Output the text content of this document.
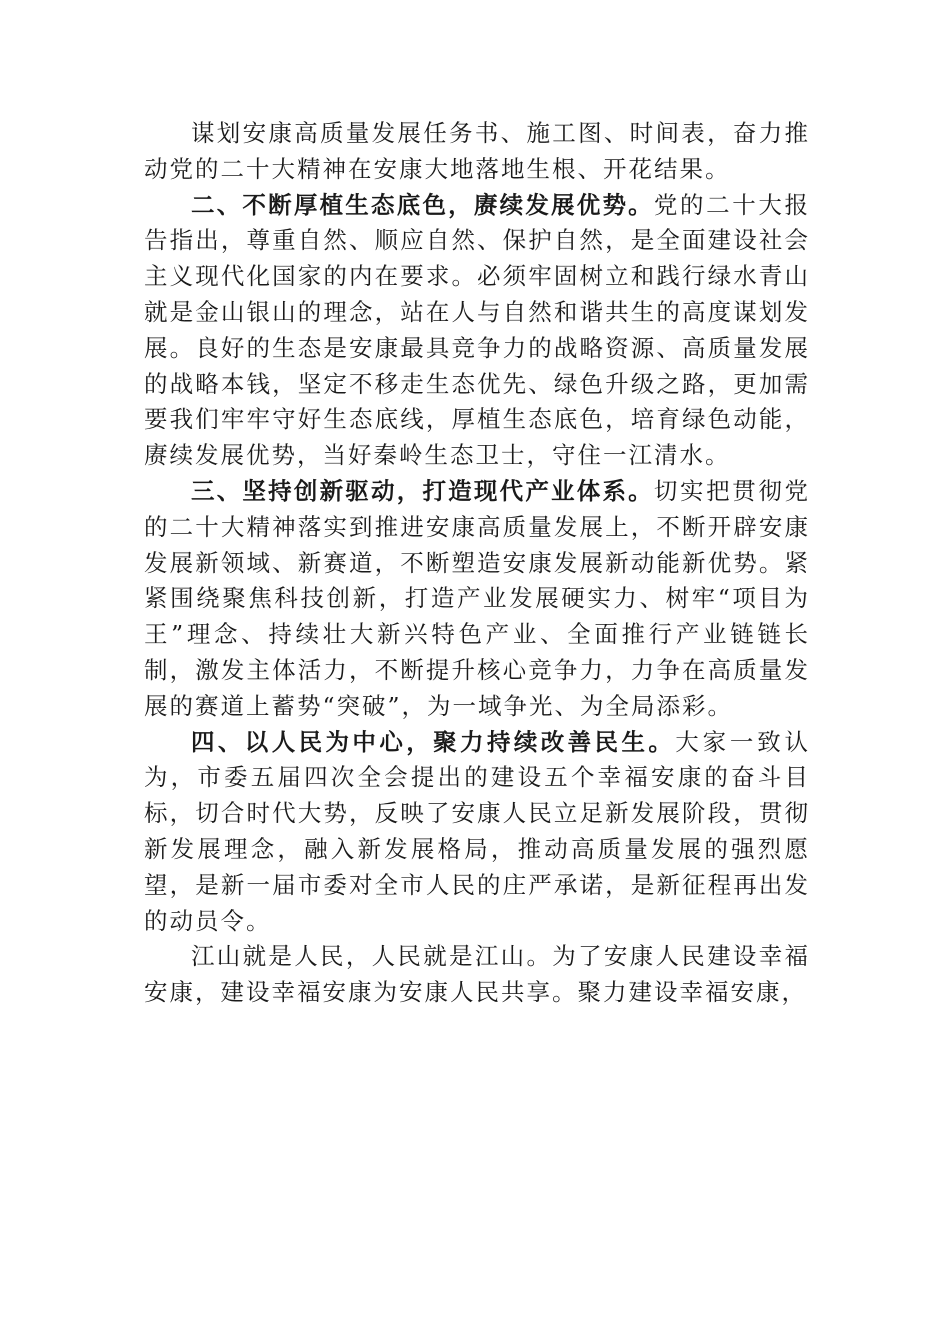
谋划安康高质量发展任务书、施工图、时间表，奋力推动党的二十大精神在安康大地落地生根、开花结果。

二、不断厚植生态底色，赓续发展优势。党的二十大报告指出，尊重自然、顺应自然、保护自然，是全面建设社会主义现代化国家的内在要求。必须牢固树立和践行绿水青山就是金山银山的理念，站在人与自然和谐共生的高度谋划发展。良好的生态是安康最具竞争力的战略资源、高质量发展的战略本钱，坚定不移走生态优先、绿色升级之路，更加需要我们牢牢守好生态底线，厚植生态底色，培育绿色动能，赓续发展优势，当好秦岭生态卫士，守住一江清水。

三、坚持创新驱动，打造现代产业体系。切实把贯彻党的二十大精神落实到推进安康高质量发展上，不断开辟安康发展新领域、新赛道，不断塑造安康发展新动能新优势。紧紧围绕聚焦科技创新，打造产业发展硬实力、树牢“项目为王”理念、持续壮大新兴特色产业、全面推行产业链链长制，激发主体活力，不断提升核心竞争力，力争在高质量发展的赛道上蓄势“突破”，为一域争光、为全局添彩。

四、以人民为中心，聚力持续改善民生。大家一致认为，市委五届四次全会提出的建设五个幸福安康的奋斗目标，切合时代大势，反映了安康人民立足新发展阶段，贯彻新发展理念，融入新发展格局，推动高质量发展的强烈愿望，是新一届市委对全市人民的庄严承诺，是新征程再出发的动员令。

江山就是人民，人民就是江山。为了安康人民建设幸福安康，建设幸福安康为安康人民共享。聚力建设幸福安康，
